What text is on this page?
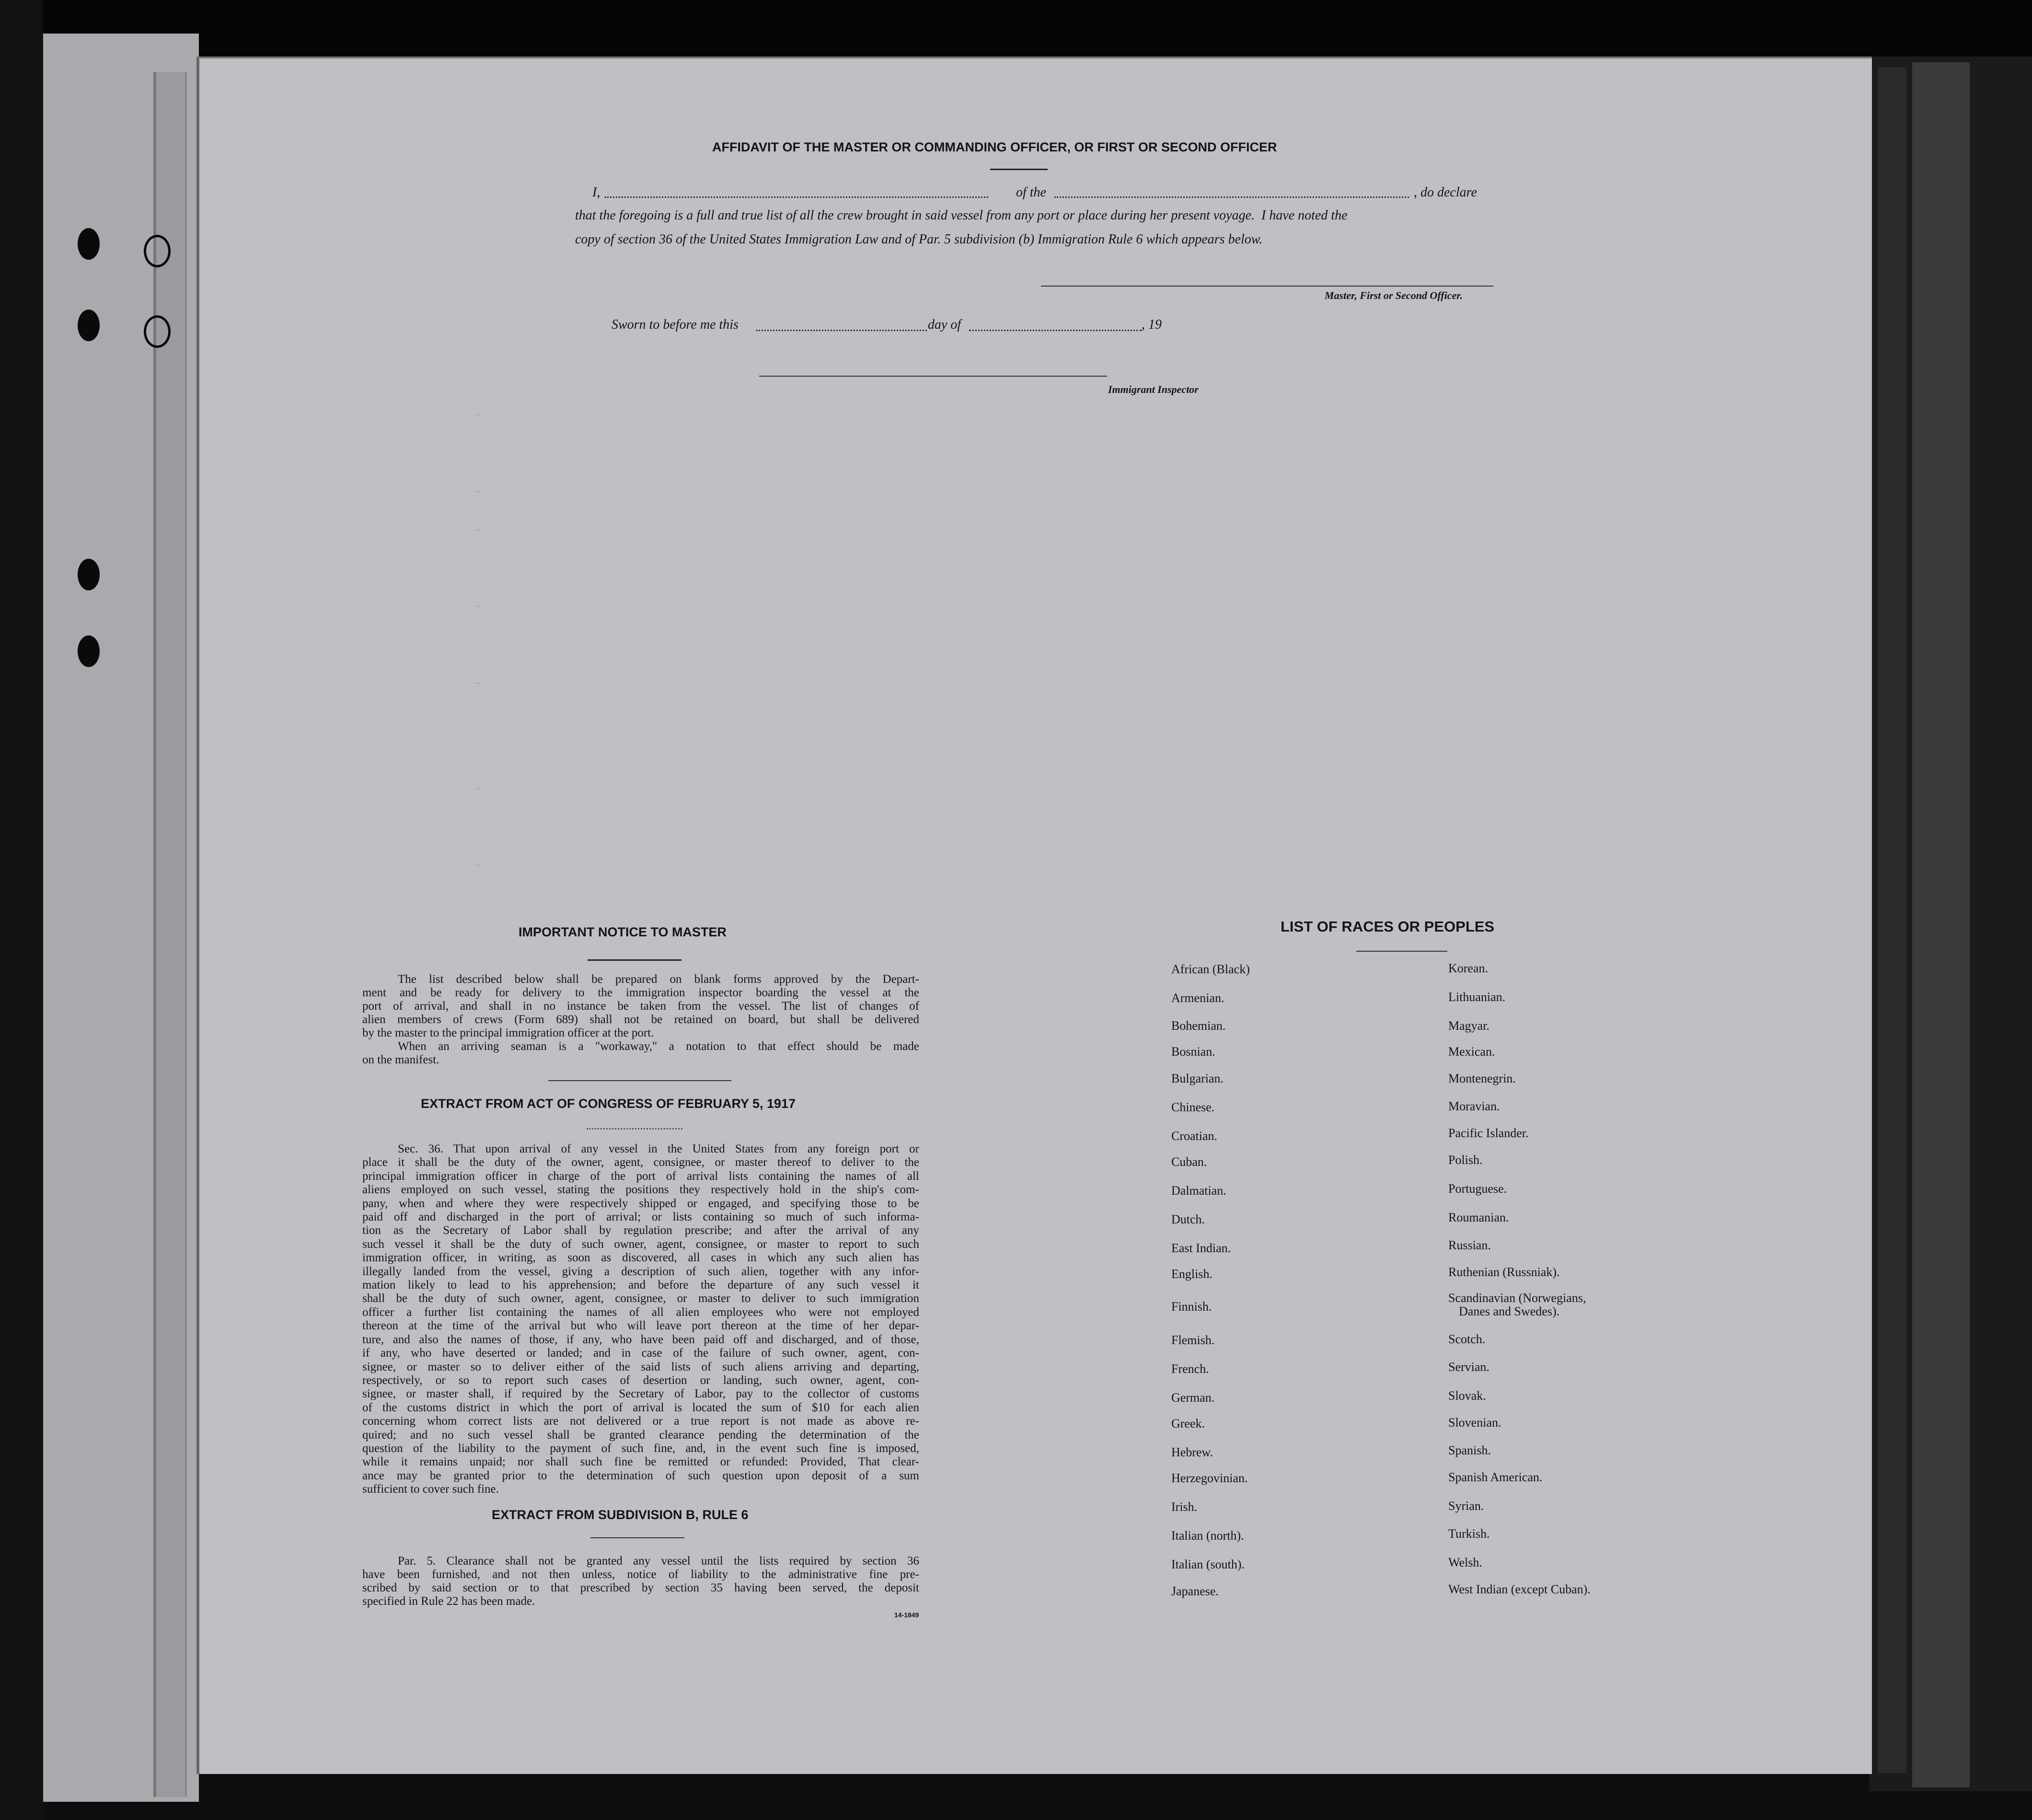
–
–
–
–
–
–
–
AFFIDAVIT OF THE MASTER OR COMMANDING OFFICER, OR FIRST OR SECOND OFFICER
I,	of the	, do declare
that the foregoing is a full and true list of all the crew brought in said vessel from any port or place during her present voyage.  I have noted the
copy of section 36 of the United States Immigration Law and of Par. 5 subdivision (b) Immigration Rule 6 which appears below.
Master, First or Second Officer.
Sworn to before me this	day of	, 19
Immigrant Inspector
IMPORTANT NOTICE TO MASTER
The list described below shall be prepared on blank forms approved by the Depart-
ment and be ready for delivery to the immigration inspector boarding the vessel at the
port of arrival, and shall in no instance be taken from the vessel. The list of changes of
alien members of crews (Form 689) shall not be retained on board, but shall be delivered
by the master to the principal immigration officer at the port.
When an arriving seaman is a "workaway," a notation to that effect should be made
on the manifest.
EXTRACT FROM ACT OF CONGRESS OF FEBRUARY 5, 1917
Sec. 36. That upon arrival of any vessel in the United States from any foreign port or
place it shall be the duty of the owner, agent, consignee, or master thereof to deliver to the
principal immigration officer in charge of the port of arrival lists containing the names of all
aliens employed on such vessel, stating the positions they respectively hold in the ship's com-
pany, when and where they were respectively shipped or engaged, and specifying those to be
paid off and discharged in the port of arrival; or lists containing so much of such informa-
tion as the Secretary of Labor shall by regulation prescribe; and after the arrival of any
such vessel it shall be the duty of such owner, agent, consignee, or master to report to such
immigration officer, in writing, as soon as discovered, all cases in which any such alien has
illegally landed from the vessel, giving a description of such alien, together with any infor-
mation likely to lead to his apprehension; and before the departure of any such vessel it
shall be the duty of such owner, agent, consignee, or master to deliver to such immigration
officer a further list containing the names of all alien employees who were not employed
thereon at the time of the arrival but who will leave port thereon at the time of her depar-
ture, and also the names of those, if any, who have been paid off and discharged, and of those,
if any, who have deserted or landed; and in case of the failure of such owner, agent, con-
signee, or master so to deliver either of the said lists of such aliens arriving and departing,
respectively, or so to report such cases of desertion or landing, such owner, agent, con-
signee, or master shall, if required by the Secretary of Labor, pay to the collector of customs
of the customs district in which the port of arrival is located the sum of $10 for each alien
concerning whom correct lists are not delivered or a true report is not made as above re-
quired; and no such vessel shall be granted clearance pending the determination of the
question of the liability to the payment of such fine, and, in the event such fine is imposed,
while it remains unpaid; nor shall such fine be remitted or refunded: Provided, That clear-
ance may be granted prior to the determination of such question upon deposit of a sum
sufficient to cover such fine.
EXTRACT FROM SUBDIVISION B, RULE 6
Par. 5. Clearance shall not be granted any vessel until the lists required by section 36
have been furnished, and not then unless, notice of liability to the administrative fine pre-
scribed by said section or to that prescribed by section 35 having been served, the deposit
specified in Rule 22 has been made.
14-1849
LIST OF RACES OR PEOPLES
African (Black)
Armenian.
Bohemian.
Bosnian.
Bulgarian.
Chinese.
Croatian.
Cuban.
Dalmatian.
Dutch.
East Indian.
English.
Finnish.
Flemish.
French.
German.
Greek.
Hebrew.
Herzegovinian.
Irish.
Italian (north).
Italian (south).
Japanese.
Korean.
Lithuanian.
Magyar.
Mexican.
Montenegrin.
Moravian.
Pacific Islander.
Polish.
Portuguese.
Roumanian.
Russian.
Ruthenian (Russniak).
Scandinavian (Norwegians,
Danes and Swedes).
Scotch.
Servian.
Slovak.
Slovenian.
Spanish.
Spanish American.
Syrian.
Turkish.
Welsh.
West Indian (except Cuban).
